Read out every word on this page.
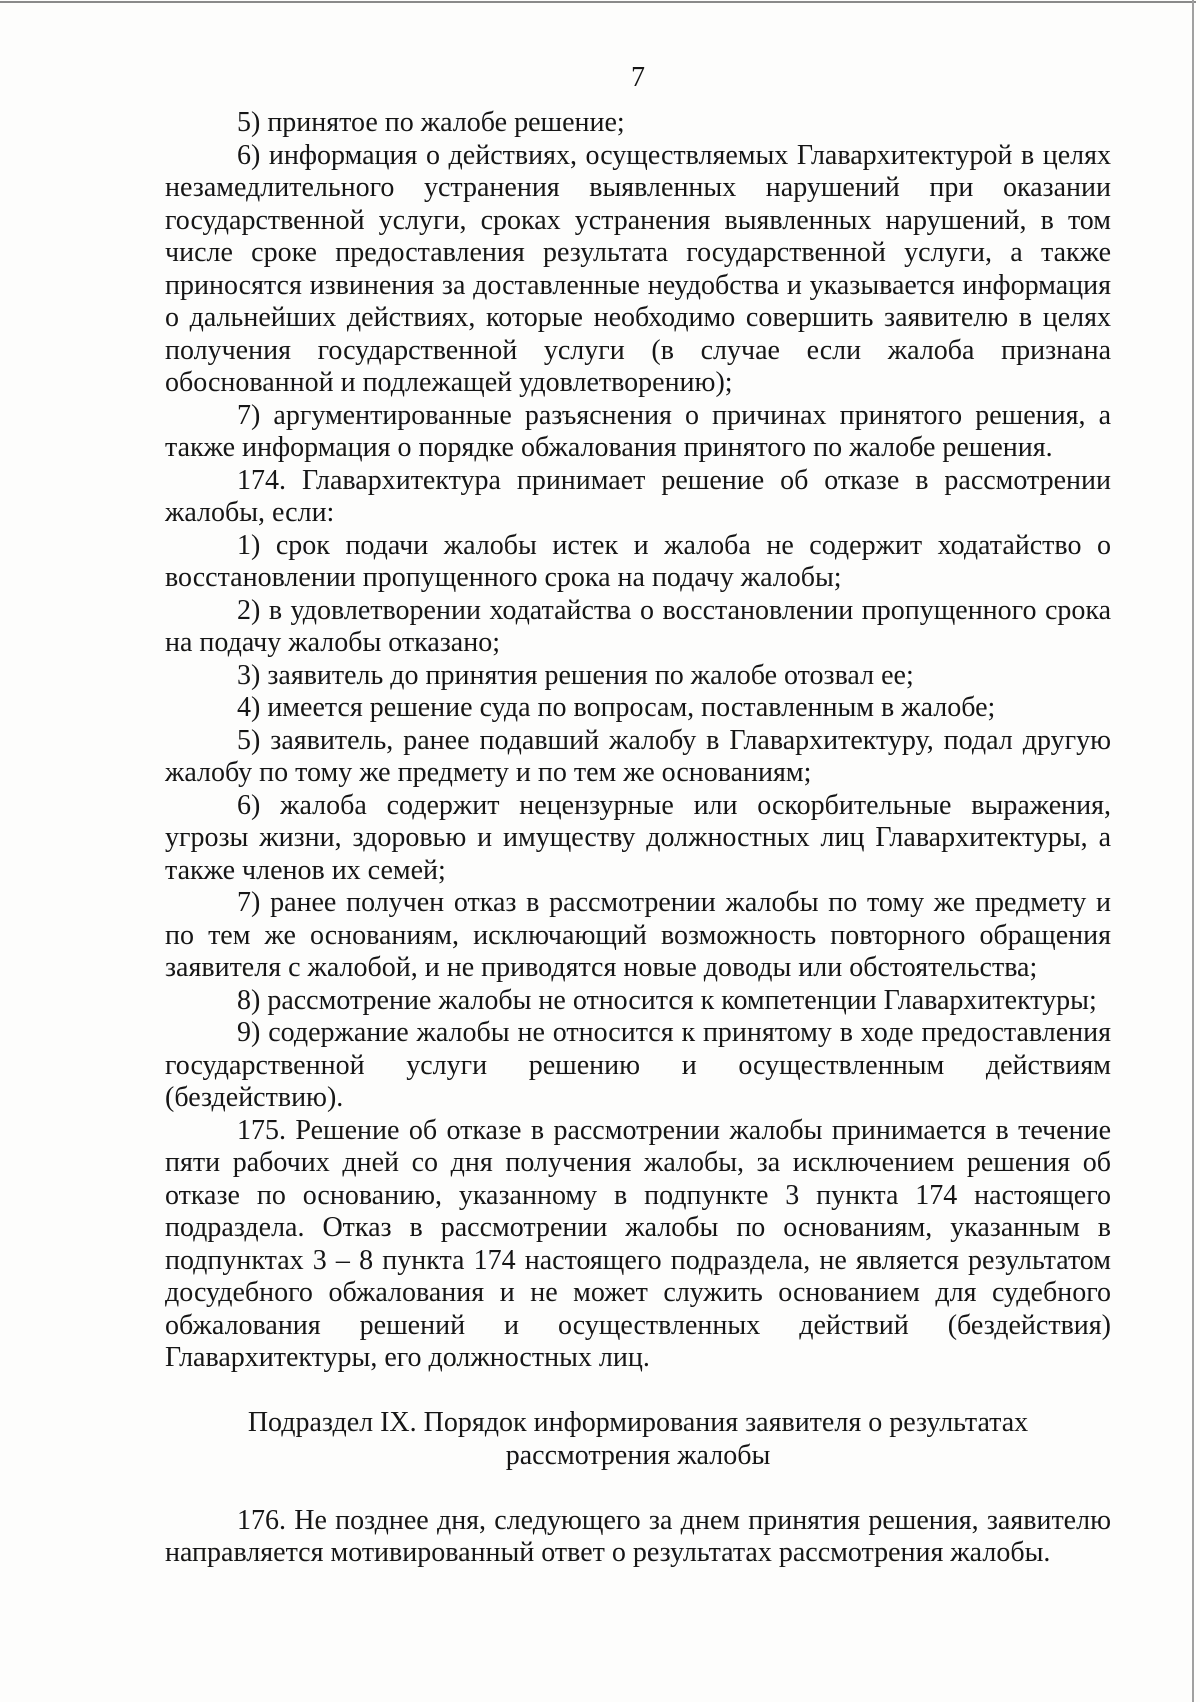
7
5) принятое по жалобе решение;
6) информация о действиях, осуществляемых Главархитектурой в целях
незамедлительного устранения выявленных нарушений при оказании
государственной услуги, сроках устранения выявленных нарушений, в том
числе сроке предоставления результата государственной услуги, а также
приносятся извинения за доставленные неудобства и указывается информация
о дальнейших действиях, которые необходимо совершить заявителю в целях
получения государственной услуги (в случае если жалоба признана
обоснованной и подлежащей удовлетворению);
7) аргументированные разъяснения о причинах принятого решения, а
также информация о порядке обжалования принятого по жалобе решения.
174. Главархитектура принимает решение об отказе в рассмотрении
жалобы, если:
1) срок подачи жалобы истек и жалоба не содержит ходатайство о
восстановлении пропущенного срока на подачу жалобы;
2) в удовлетворении ходатайства о восстановлении пропущенного срока
на подачу жалобы отказано;
3) заявитель до принятия решения по жалобе отозвал ее;
4) имеется решение суда по вопросам, поставленным в жалобе;
5) заявитель, ранее подавший жалобу в Главархитектуру, подал другую
жалобу по тому же предмету и по тем же основаниям;
6) жалоба содержит нецензурные или оскорбительные выражения,
угрозы жизни, здоровью и имуществу должностных лиц Главархитектуры, а
также членов их семей;
7) ранее получен отказ в рассмотрении жалобы по тому же предмету и
по тем же основаниям, исключающий возможность повторного обращения
заявителя с жалобой, и не приводятся новые доводы или обстоятельства;
8) рассмотрение жалобы не относится к компетенции Главархитектуры;
9) содержание жалобы не относится к принятому в ходе предоставления
государственной услуги решению и осуществленным действиям
(бездействию).
175. Решение об отказе в рассмотрении жалобы принимается в течение
пяти рабочих дней со дня получения жалобы, за исключением решения об
отказе по основанию, указанному в подпункте 3 пункта 174 настоящего
подраздела. Отказ в рассмотрении жалобы по основаниям, указанным в
подпунктах 3 – 8 пункта 174 настоящего подраздела, не является результатом
досудебного обжалования и не может служить основанием для судебного
обжалования решений и осуществленных действий (бездействия)
Главархитектуры, его должностных лиц.
Подраздел IX. Порядок информирования заявителя о результатах
рассмотрения жалобы
176. Не позднее дня, следующего за днем принятия решения, заявителю
направляется мотивированный ответ о результатах рассмотрения жалобы.
